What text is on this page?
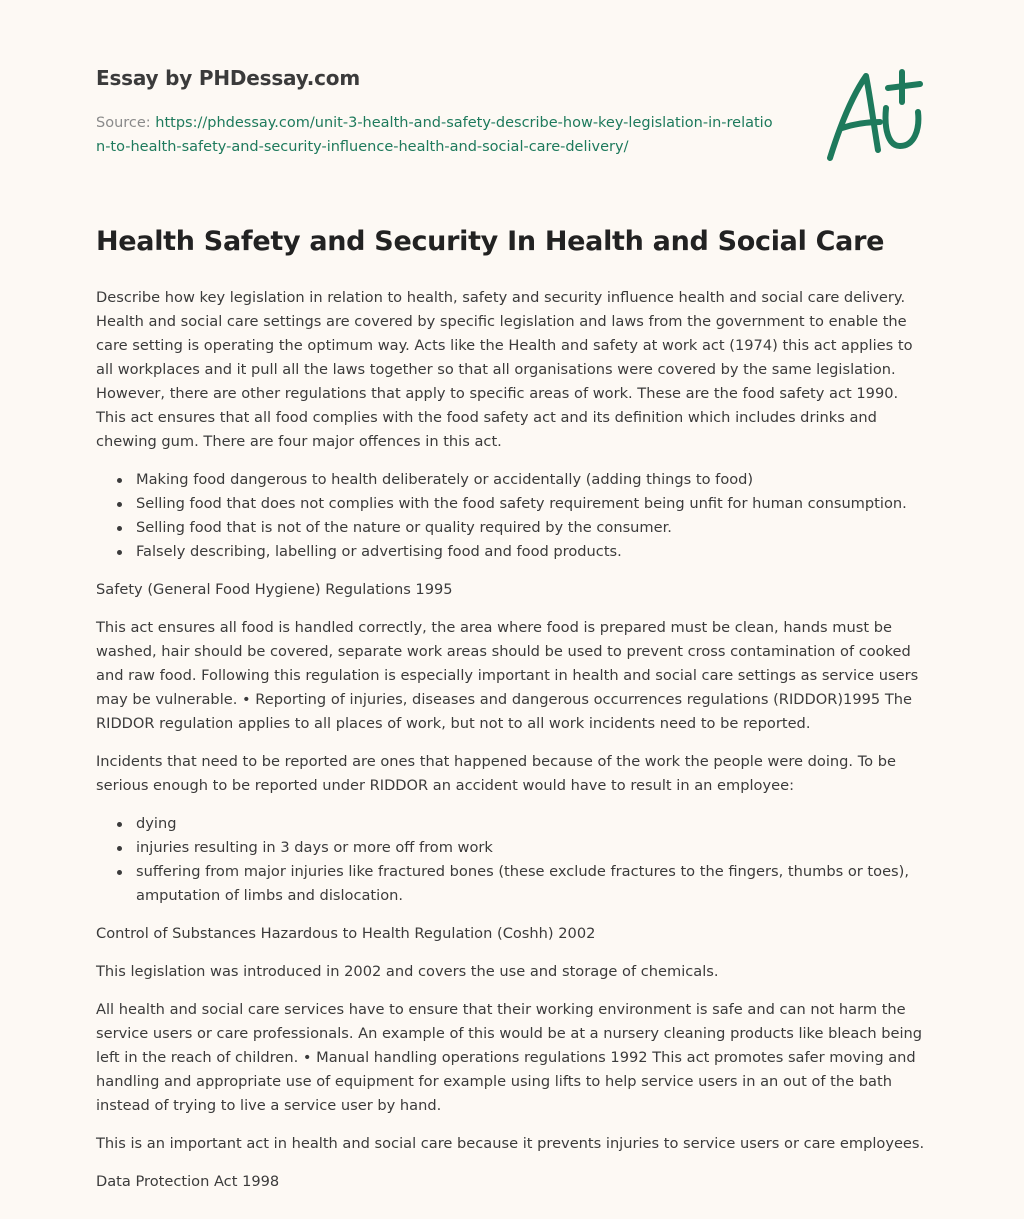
Essay by PHDessay.com
Source: https://phdessay.com/unit-3-health-and-safety-describe-how-key-legislation-in-relation-to-health-safety-and-security-influence-health-and-social-care-delivery/
Health Safety and Security In Health and Social Care

Describe how key legislation in relation to health, safety and security influence health and social care delivery. Health and social care settings are covered by specific legislation and laws from the government to enable the care setting is operating the optimum way. Acts like the Health and safety at work act (1974) this act applies to all workplaces and it pull all the laws together so that all organisations were covered by the same legislation. However, there are other regulations that apply to specific areas of work. These are the food safety act 1990. This act ensures that all food complies with the food safety act and its definition which includes drinks and chewing gum. There are four major offences in this act.

Making food dangerous to health deliberately or accidentally (adding things to food)
Selling food that does not complies with the food safety requirement being unfit for human consumption.
Selling food that is not of the nature or quality required by the consumer.
Falsely describing, labelling or advertising food and food products.

Safety (General Food Hygiene) Regulations 1995

This act ensures all food is handled correctly, the area where food is prepared must be clean, hands must be washed, hair should be covered, separate work areas should be used to prevent cross contamination of cooked and raw food. Following this regulation is especially important in health and social care settings as service users may be vulnerable. • Reporting of injuries, diseases and dangerous occurrences regulations (RIDDOR)1995 The RIDDOR regulation applies to all places of work, but not to all work incidents need to be reported.

Incidents that need to be reported are ones that happened because of the work the people were doing. To be serious enough to be reported under RIDDOR an accident would have to result in an employee:

dying
injuries resulting in 3 days or more off from work
suffering from major injuries like fractured bones (these exclude fractures to the fingers, thumbs or toes), amputation of limbs and dislocation.

Control of Substances Hazardous to Health Regulation (Coshh) 2002

This legislation was introduced in 2002 and covers the use and storage of chemicals.

All health and social care services have to ensure that their working environment is safe and can not harm the service users or care professionals. An example of this would be at a nursery cleaning products like bleach being left in the reach of children. • Manual handling operations regulations 1992 This act promotes safer moving and handling and appropriate use of equipment for example using lifts to help service users in an out of the bath instead of trying to live a service user by hand.

This is an important act in health and social care because it prevents injuries to service users or care employees.

Data Protection Act 1998
